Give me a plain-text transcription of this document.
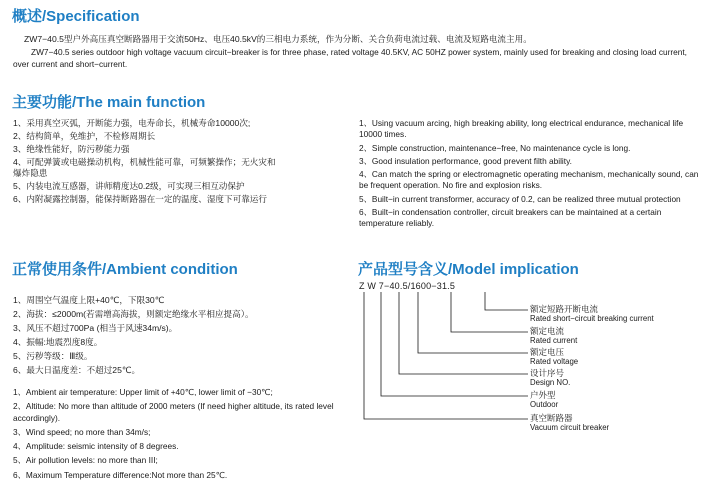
概述/Specification
ZW7−40.5型户外高压真空断路器用于交流50Hz、电压40.5kV的三相电力系统，作为分断、关合负荷电流过载、电流及短路电流主用。
ZW7−40.5 series outdoor high voltage vacuum circuit−breaker is for three phase, rated voltage 40.5KV, AC 50HZ power system, mainly used for breaking and closing load current, over current and short−current.
主要功能/The main function
1、采用真空灭弧，开断能力强，电寿命长，机械寿命10000次;
2、结构简单，免维护，不检修周期长
3、绝缘性能好，防污秽能力强
4、可配弹簧或电磁操动机构，机械性能可靠，可频繁操作；无火灾和
爆炸隐患
5、内装电流互感器，讲师精度达0.2级，可实现三相互动保护
6、内附凝露控制器，能保持断路器在一定的温度、湿度下可靠运行
1、Using vacuum arcing, high breaking ability, long electrical endurance, mechanical life 10000 times.
2、Simple construction, maintenance−free, No maintenance cycle is long.
3、Good insulation performance, good prevent filth ability.
4、Can match the spring or electromagnetic operating mechanism, mechanically sound, can be frequent operation. No fire and explosion risks.
5、Built−in current transformer, accuracy of 0.2, can be realized three mutual protection
6、Built−in condensation controller, circuit breakers can be maintained at a certain temperature reliably.
正常使用条件/Ambient condition
1、周围空气温度上限+40℃，下限30℃
2、海拔：≤2000m(若需增高海拔，则额定绝缘水平相应提高）。
3、风压不超过700Pa (相当于风速34m/s)。
4、振幅:地震烈度8度。
5、污秽等级：Ⅲ级。
6、最大日温度差：不超过25℃。
1、Ambient air temperature: Upper limit of +40℃, lower limit of −30℃;
2、Altitude: No more than altitude of 2000 meters (If need higher altitude, its rated level accordingly).
3、Wind speed; no more than 34m/s;
4、Amplitude: seismic intensity of 8 degrees.
5、Air pollution levels: no more than III;
6、Maximum Temperature difference:Not more than 25℃.
产品型号含义/Model implication
Z W 7−40.5/1600−31.5
额定短路开断电流
Rated short−circuit breaking current
额定电流
Rated current
额定电压
Rated voltage
设计序号
Design NO.
户外型
Outdoor
真空断路器
Vacuum circuit breaker
